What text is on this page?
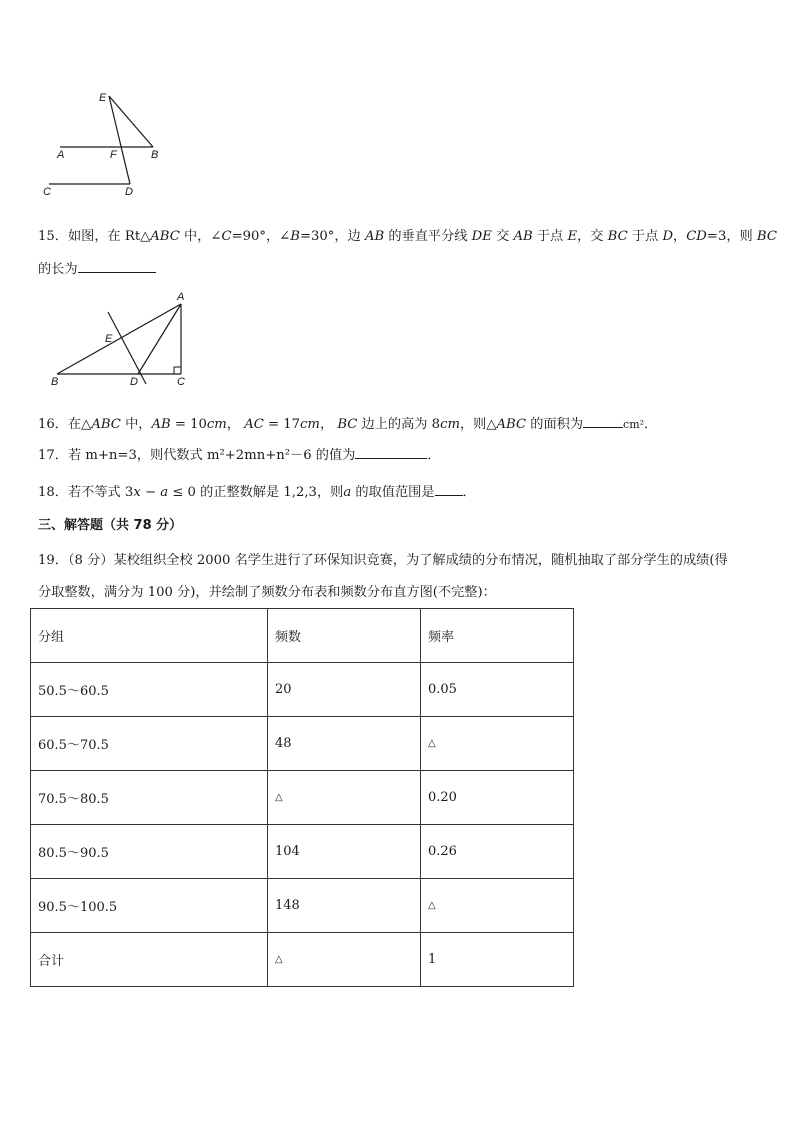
E
A	F	B
C	D
15．如图，在 Rt△ABC 中，∠C=90°，∠B=30°，边 AB 的垂直平分线 DE 交 AB 于点 E，交 BC 于点 D，CD=3，则 BC
的长为
A
E
B	D	C
16．在△ABC 中，AB = 10cm， AC = 17cm， BC 边上的高为 8cm，则△ABC 的面积为	cm²．
17．若 m+n=3，则代数式 m²+2mn+n²－6 的值为	．
18．若不等式 3x − a ≤ 0 的正整数解是 1,2,3，则a 的取值范围是 ．
三、解答题（共 78 分）
19．（8 分）某校组织全校 2000 名学生进行了环保知识竞赛，为了解成绩的分布情况，随机抽取了部分学生的成绩(得
分取整数，满分为 100 分)，并绘制了频数分布表和频数分布直方图(不完整)：
分组	频数	频率
50.5～60.5	20	0.05
60.5～70.5	48	△
70.5～80.5	△	0.20
80.5～90.5	104	0.26
90.5～100.5	148	△
合计	△	1
